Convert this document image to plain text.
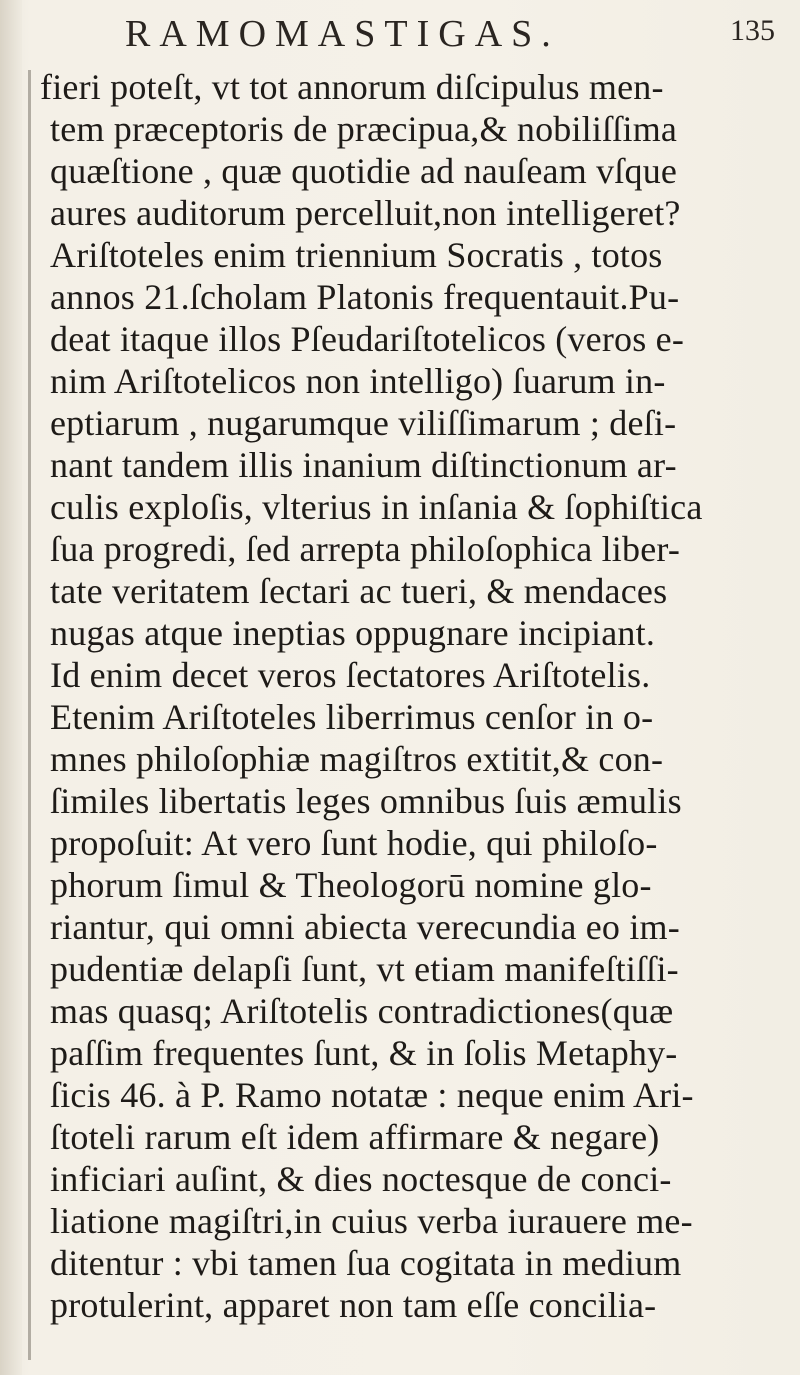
RAMOMASTIGAS.	135
fieri poteſt, vt tot annorum diſcipulus men-
tem præceptoris de præcipua,& nobiliſſima
quæſtione , quæ quotidie ad nauſeam vſque
aures auditorum percelluit,non intelligeret?
Ariſtoteles enim triennium Socratis , totos
annos 21.ſcholam Platonis frequentauit.Pu-
deat itaque illos Pſeudariſtotelicos (veros e-
nim Ariſtotelicos non intelligo) ſuarum in-
eptiarum , nugarumque viliſſimarum ; deſi-
nant tandem illis inanium diſtinctionum ar-
culis exploſis, vlterius in inſania & ſophiſtica
ſua progredi, ſed arrepta philoſophica liber-
tate veritatem ſectari ac tueri, & mendaces
nugas atque ineptias oppugnare incipiant.
Id enim decet veros ſectatores Ariſtotelis.
Etenim Ariſtoteles liberrimus cenſor in o-
mnes philoſophiæ magiſtros extitit,& con-
ſimiles libertatis leges omnibus ſuis æmulis
propoſuit: At vero ſunt hodie, qui philoſo-
phorum ſimul & Theologorū nomine glo-
riantur, qui omni abiecta verecundia eo im-
pudentiæ delapſi ſunt, vt etiam manifeſtiſſi-
mas quasq; Ariſtotelis contradictiones(quæ
paſſim frequentes ſunt, & in ſolis Metaphy-
ſicis 46. à P. Ramo notatæ : neque enim Ari-
ſtoteli rarum eſt idem affirmare & negare)
inficiari auſint, & dies noctesque de conci-
liatione magiſtri,in cuius verba iurauere me-
ditentur : vbi tamen ſua cogitata in medium
protulerint, apparet non tam eſſe concilia-
